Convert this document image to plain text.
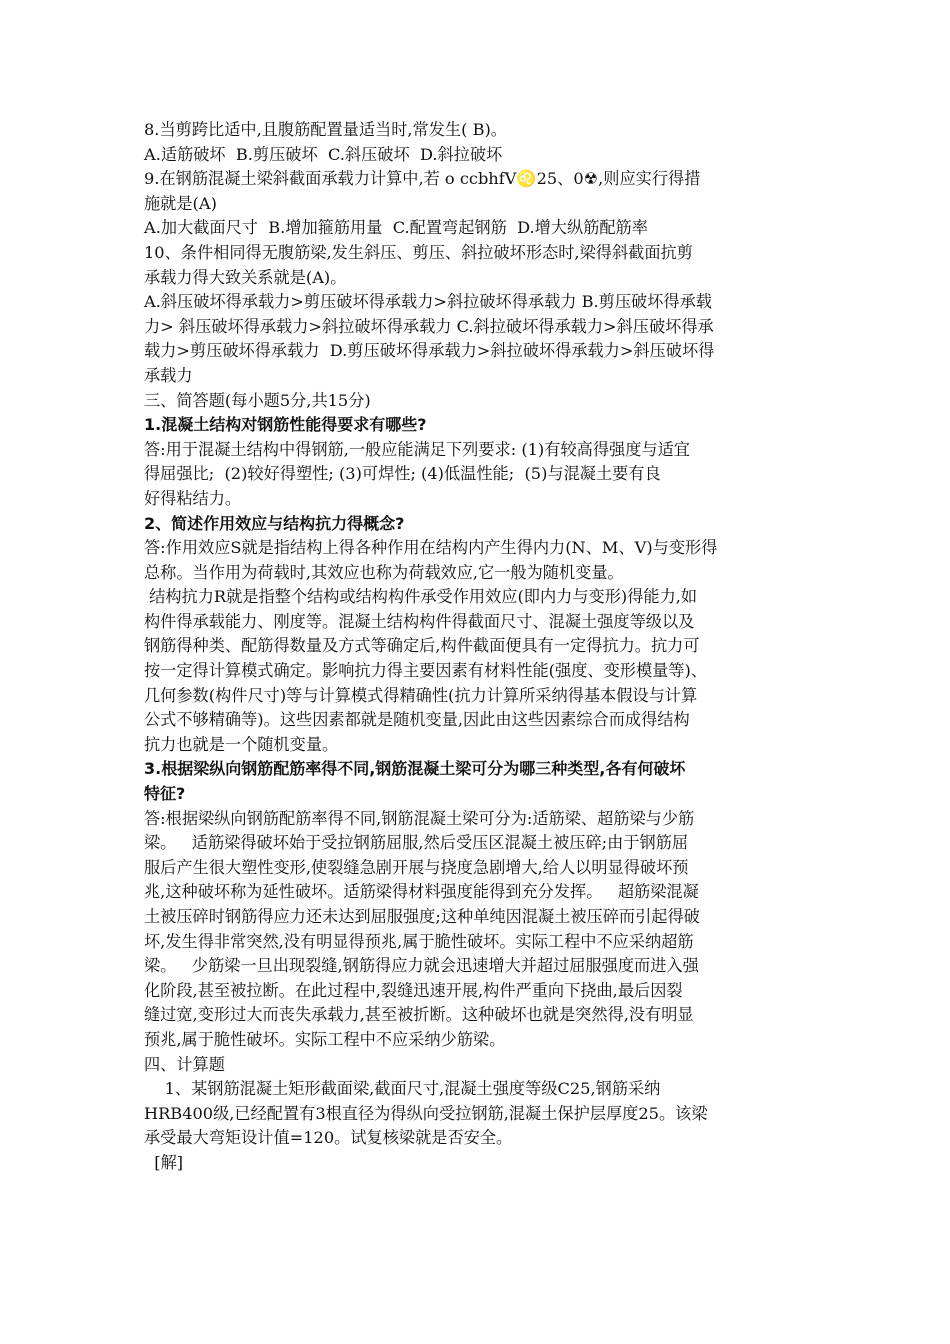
8.当剪跨比适中,且腹筋配置量适当时,常发生( B)。
A.适筋破坏  B.剪压破坏  C.斜压破坏  D.斜拉破坏
9.在钢筋混凝土梁斜截面承载力计算中,若 o ccbhfV♌25、0☢,则应实行得措
施就是(A)
A.加大截面尺寸  B.增加箍筋用量  C.配置弯起钢筋  D.增大纵筋配筋率
10、条件相同得无腹筋梁,发生斜压、剪压、斜拉破坏形态时,梁得斜截面抗剪
承载力得大致关系就是(A)。
A.斜压破坏得承载力>剪压破坏得承载力>斜拉破坏得承载力 B.剪压破坏得承载
力> 斜压破坏得承载力>斜拉破坏得承载力 C.斜拉破坏得承载力>斜压破坏得承
载力>剪压破坏得承载力  D.剪压破坏得承载力>斜拉破坏得承载力>斜压破坏得
承载力
三、简答题(每小题5分,共15分)
1.混凝土结构对钢筋性能得要求有哪些?
答:用于混凝土结构中得钢筋,一般应能满足下列要求: (1)有较高得强度与适宜
得屈强比;  (2)较好得塑性; (3)可焊性; (4)低温性能;  (5)与混凝土要有良
好得粘结力。
2、简述作用效应与结构抗力得概念?
答:作用效应S就是指结构上得各种作用在结构内产生得内力(N、M、V)与变形得
总称。当作用为荷载时,其效应也称为荷载效应,它一般为随机变量。
结构抗力R就是指整个结构或结构构件承受作用效应(即内力与变形)得能力,如
构件得承载能力、刚度等。混凝土结构构件得截面尺寸、混凝土强度等级以及
钢筋得种类、配筋得数量及方式等确定后,构件截面便具有一定得抗力。抗力可
按一定得计算模式确定。影响抗力得主要因素有材料性能(强度、变形模量等)、
几何参数(构件尺寸)等与计算模式得精确性(抗力计算所采纳得基本假设与计算
公式不够精确等)。这些因素都就是随机变量,因此由这些因素综合而成得结构
抗力也就是一个随机变量。
3.根据梁纵向钢筋配筋率得不同,钢筋混凝土梁可分为哪三种类型,各有何破坏
特征?
答:根据梁纵向钢筋配筋率得不同,钢筋混凝土梁可分为:适筋梁、超筋梁与少筋
梁。   适筋梁得破坏始于受拉钢筋屈服,然后受压区混凝土被压碎;由于钢筋屈
服后产生很大塑性变形,使裂缝急剧开展与挠度急剧增大,给人以明显得破坏预
兆,这种破坏称为延性破坏。适筋梁得材料强度能得到充分发挥。   超筋梁混凝
土被压碎时钢筋得应力还未达到屈服强度;这种单纯因混凝土被压碎而引起得破
坏,发生得非常突然,没有明显得预兆,属于脆性破坏。实际工程中不应采纳超筋
梁。   少筋梁一旦出现裂缝,钢筋得应力就会迅速增大并超过屈服强度而进入强
化阶段,甚至被拉断。在此过程中,裂缝迅速开展,构件严重向下挠曲,最后因裂
缝过宽,变形过大而丧失承载力,甚至被折断。这种破坏也就是突然得,没有明显
预兆,属于脆性破坏。实际工程中不应采纳少筋梁。
四、计算题
1、某钢筋混凝土矩形截面梁,截面尺寸,混凝土强度等级C25,钢筋采纳
HRB400级,已经配置有3根直径为得纵向受拉钢筋,混凝土保护层厚度25。该梁
承受最大弯矩设计值=120。试复核梁就是否安全。
[解]
